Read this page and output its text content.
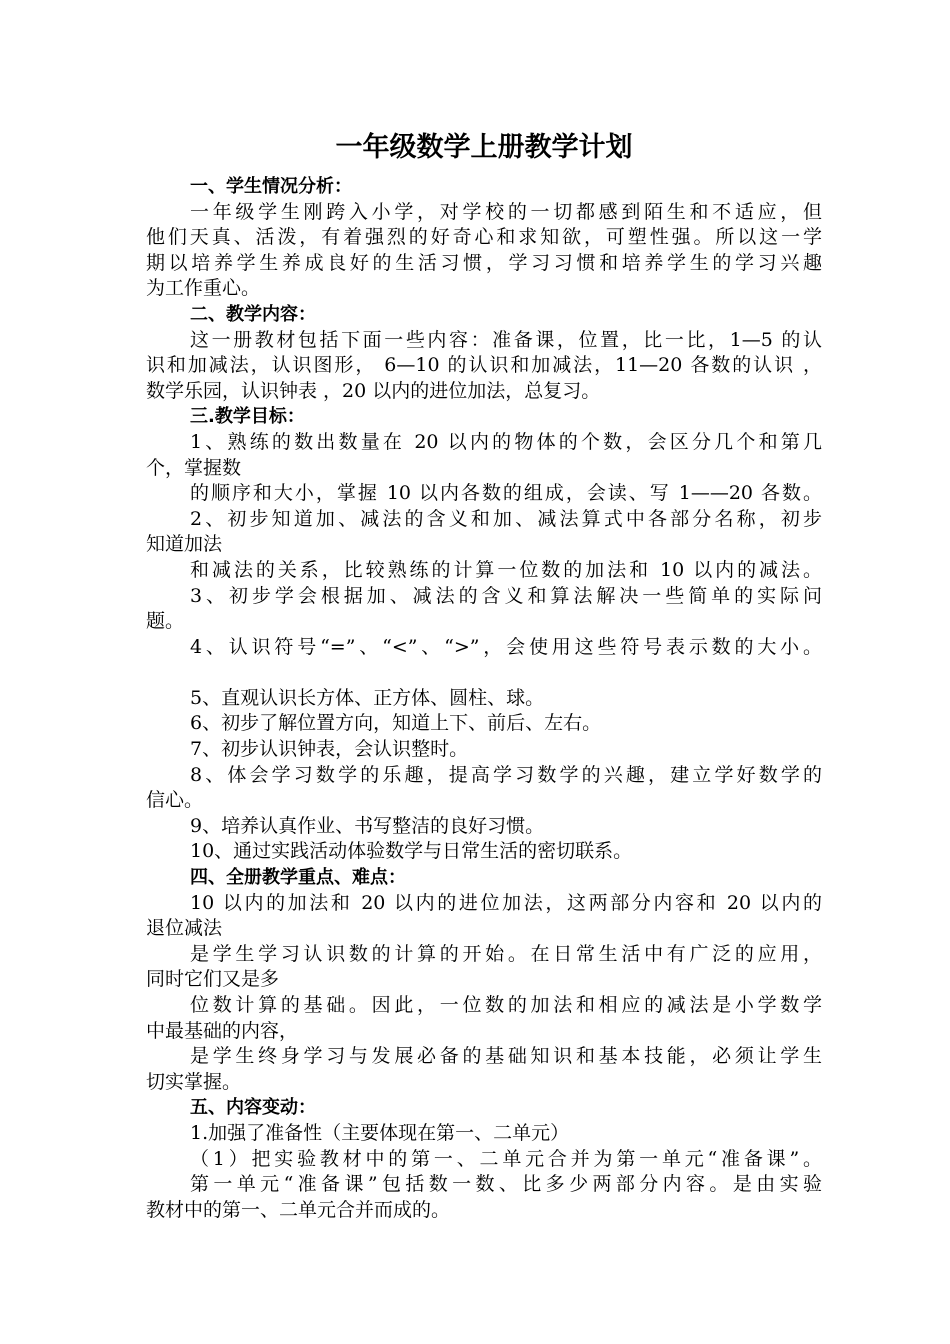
一年级数学上册教学计划
一、学生情况分析：
一年级学生刚跨入小学，对学校的一切都感到陌生和不适应，但
他们天真、活泼，有着强烈的好奇心和求知欲，可塑性强。所以这一学
期以培养学生养成良好的生活习惯，学习习惯和培养学生的学习兴趣
为工作重心。
二、教学内容：
这一册教材包括下面一些内容：准备课，位置，比一比，1—5 的认
识和加减法，认识图形， 6—10 的认识和加减法，11—20 各数的认识 ，
数学乐园，认识钟表 ，20 以内的进位加法，总复习。
三.教学目标：
1、熟练的数出数量在 20 以内的物体的个数，会区分几个和第几
个，掌握数
的顺序和大小，掌握 10 以内各数的组成，会读、写 1——20 各数。
2、初步知道加、减法的含义和加、减法算式中各部分名称，初步
知道加法
和减法的关系，比较熟练的计算一位数的加法和 10 以内的减法。
3、初步学会根据加、减法的含义和算法解决一些简单的实际问
题。
4、认识符号“=”、“<”、“>”，会使用这些符号表示数的大小。
5、直观认识长方体、正方体、圆柱、球。
6、初步了解位置方向，知道上下、前后、左右。
7、初步认识钟表，会认识整时。
8、体会学习数学的乐趣，提高学习数学的兴趣，建立学好数学的
信心。
9、培养认真作业、书写整洁的良好习惯。
10、通过实践活动体验数学与日常生活的密切联系。
四、全册教学重点、难点：
10 以内的加法和 20 以内的进位加法，这两部分内容和 20 以内的
退位减法
是学生学习认识数的计算的开始。在日常生活中有广泛的应用，
同时它们又是多
位数计算的基础。因此，一位数的加法和相应的减法是小学数学
中最基础的内容，
是学生终身学习与发展必备的基础知识和基本技能，必须让学生
切实掌握。
五、内容变动：
1.加强了准备性（主要体现在第一、二单元）
（1）把实验教材中的第一、二单元合并为第一单元“准备课”。
第一单元“准备课”包括数一数、比多少两部分内容。是由实验
教材中的第一、二单元合并而成的。
